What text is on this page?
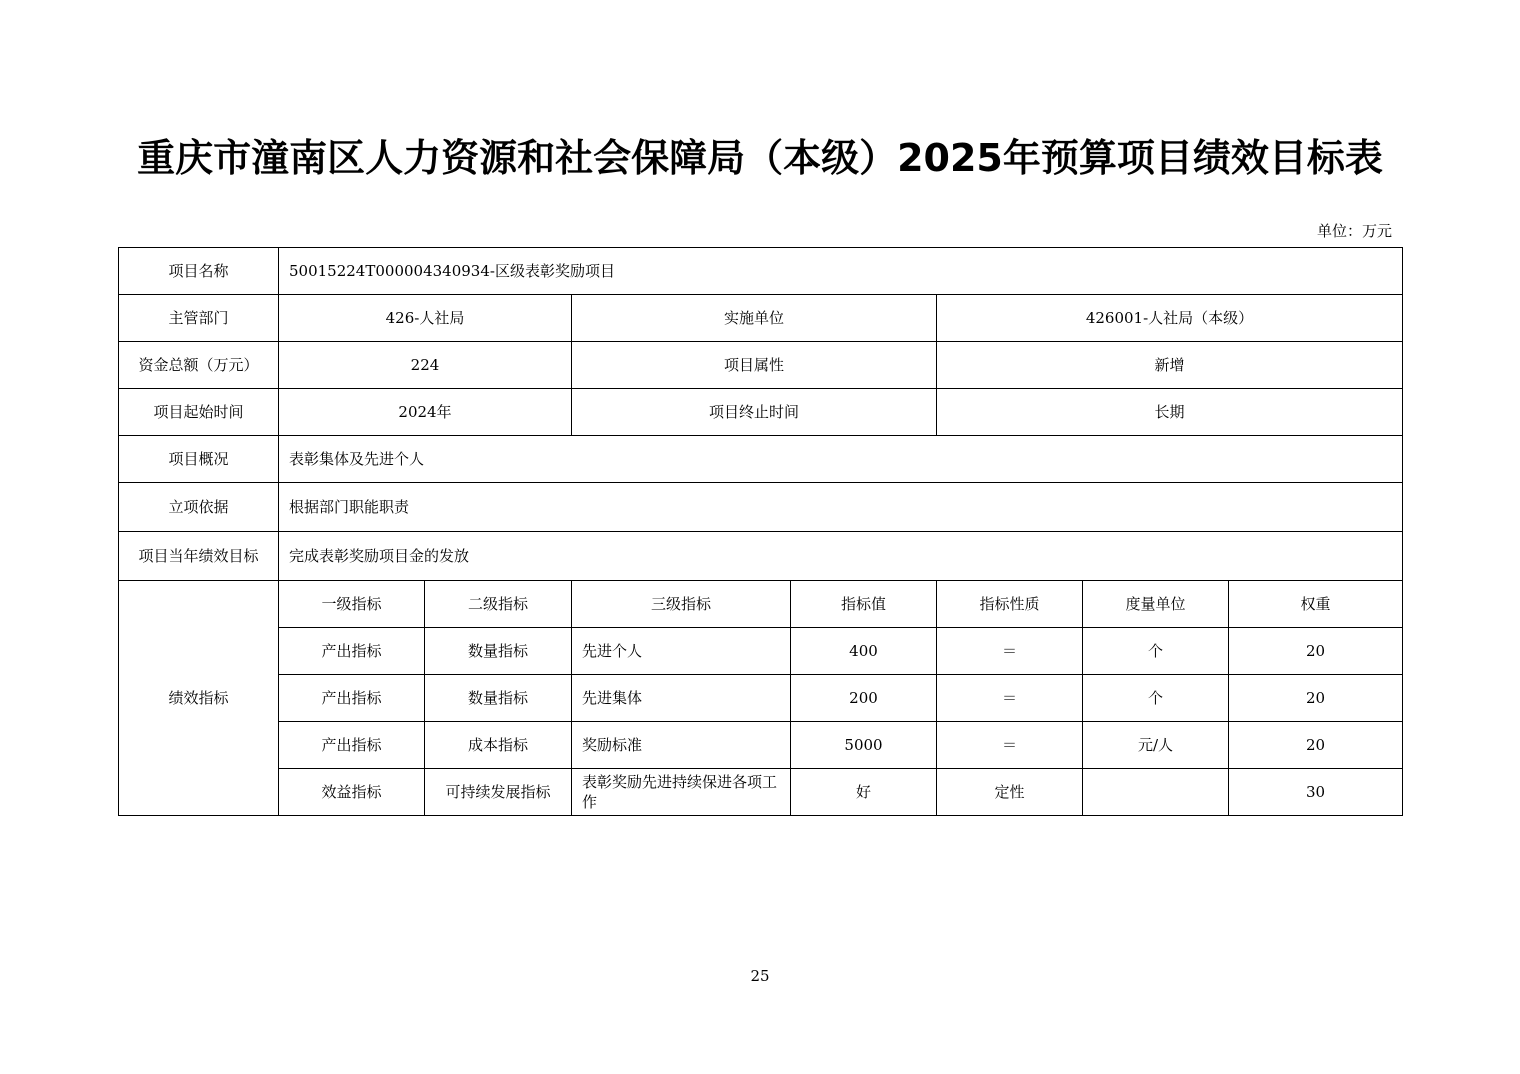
重庆市潼南区人力资源和社会保障局（本级）2025年预算项目绩效目标表
单位：万元
项目名称	50015224T000004340934-区级表彰奖励项目						
主管部门	426-人社局		实施单位		426001-人社局（本级）		
资金总额（万元）	224		项目属性		新增		
项目起始时间	2024年		项目终止时间		长期		
项目概况	表彰集体及先进个人						
立项依据	根据部门职能职责						
项目当年绩效目标	完成表彰奖励项目金的发放						
绩效指标	一级指标	二级指标	三级指标	指标值	指标性质	度量单位	权重
	产出指标	数量指标	先进个人	400	＝	个	20
	产出指标	数量指标	先进集体	200	＝	个	20
	产出指标	成本指标	奖励标准	5000	＝	元/人	20
	效益指标	可持续发展指标	表彰奖励先进持续保进各项工作	好	定性		30
25
